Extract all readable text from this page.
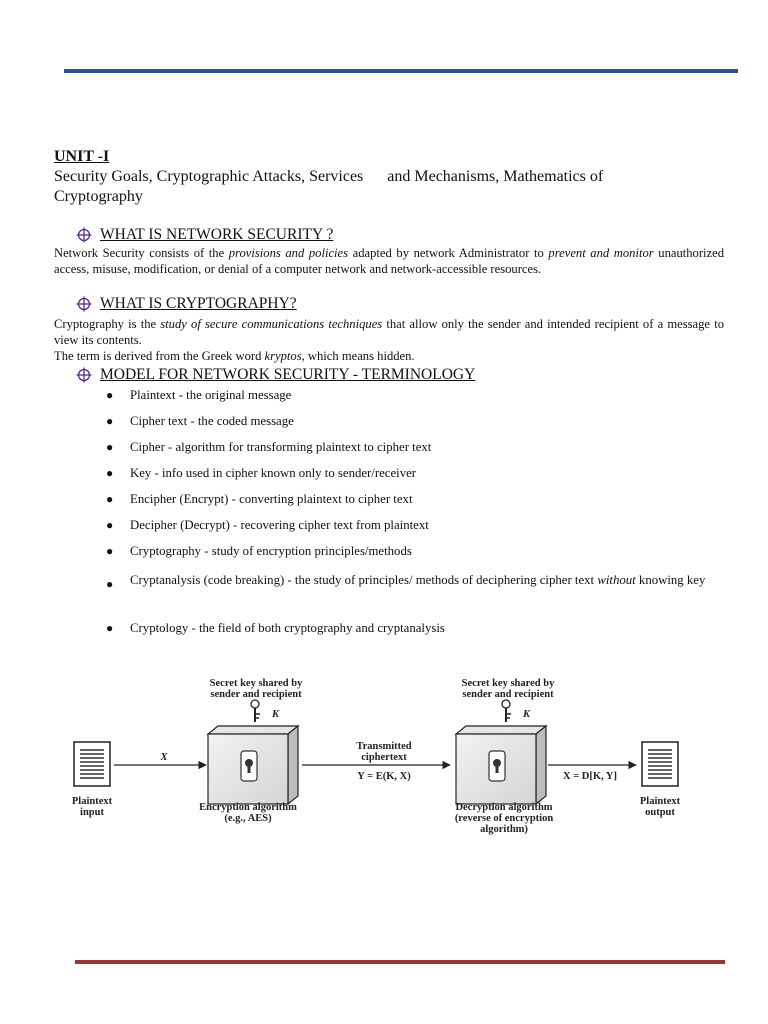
UNIT -I
Security Goals, Cryptographic Attacks, Services      and Mechanisms, Mathematics of Cryptography
WHAT IS NETWORK SECURITY ?

Network Security consists of the provisions and policies adapted by network Administrator to prevent and monitor unauthorized access, misuse, modification, or denial of a computer network and network-accessible resources.

WHAT IS CRYPTOGRAPHY?

Cryptography is the study of secure communications techniques that allow only the sender and intended recipient of a message to view its contents.

The term is derived from the Greek word kryptos, which means hidden.

MODEL FOR NETWORK SECURITY - TERMINOLOGY
● Plaintext - the original message
● Cipher text - the coded message
● Cipher - algorithm for transforming plaintext to cipher text
● Key - info used in cipher known only to sender/receiver
● Encipher (Encrypt) - converting plaintext to cipher text
● Decipher (Decrypt) - recovering cipher text from plaintext
● Cryptography - study of encryption principles/methods
● Cryptanalysis (code breaking) - the study of principles/ methods of deciphering cipher text without knowing key
● Cryptology - the field of both cryptography and cryptanalysis
Plaintext
input
X
Encryption algorithm
(e.g., AES)
Secret key shared by
sender and recipient
K
Transmitted
ciphertext
Y = E(K, X)
Decryption algorithm
(reverse of encryption
algorithm)
Secret key shared by
sender and recipient
K
X = D[K, Y]
Plaintext
output
